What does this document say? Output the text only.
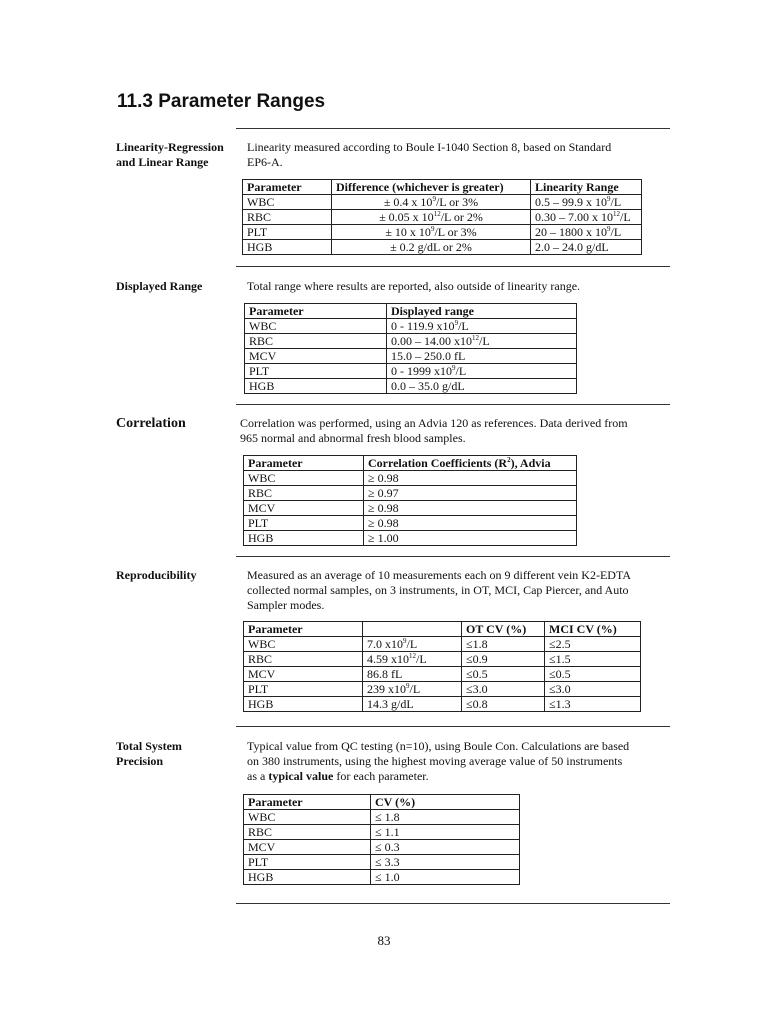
11.3 Parameter Ranges
Linearity-Regression
and Linear Range
Linearity measured according to Boule I-1040 Section 8, based on Standard
EP6-A.
Parameter	Difference (whichever is greater)	Linearity Range
WBC	± 0.4 x $10^9/L$ or 3%	0.5 – 99.9 x $10^9/L$
RBC	± 0.05 x $10^{12}/L$ or 2%	0.30 – 7.00 x $10^{12}/L$
PLT	± 10 x $10^9/L$ or 3%	20 – 1800 x $10^9/L$
HGB	± 0.2 g/dL or 2%	2.0 – 24.0 g/dL
Displayed Range	Total range where results are reported, also outside of linearity range.
Parameter	Displayed range
WBC	0 - 119.9 $x10^9/L$
RBC	0.00 – 14.00 $x10^{12}/L$
MCV	15.0 – 250.0 fL
PLT	0 - 1999 $x10^9/L$
HGB	0.0 – 35.0 g/dL
Correlation	Correlation was performed, using an Advia 120 as references. Data derived from
965 normal and abnormal fresh blood samples.
Parameter	Correlation Coefficients $(R^2)$, Advia
WBC	≥ 0.98
RBC	≥ 0.97
MCV	≥ 0.98
PLT	≥ 0.98
HGB	≥ 1.00
Reproducibility	Measured as an average of 10 measurements each on 9 different vein K2-EDTA
collected normal samples, on 3 instruments, in OT, MCI, Cap Piercer, and Auto
Sampler modes.
Parameter		OT CV (%)	MCI CV (%)
WBC	7.0 $x10^9/L$	≤1.8	≤2.5
RBC	4.59 $x10^{12}/L$	≤0.9	≤1.5
MCV	86.8 fL	≤0.5	≤0.5
PLT	239 $x10^9/L$	≤3.0	≤3.0
HGB	14.3 g/dL	≤0.8	≤1.3
Total System
Precision
Typical value from QC testing (n=10), using Boule Con. Calculations are based
on 380 instruments, using the highest moving average value of 50 instruments
as a typical value for each parameter.
Parameter	CV (%)
WBC	≤ 1.8
RBC	≤ 1.1
MCV	≤ 0.3
PLT	≤ 3.3
HGB	≤ 1.0
83
